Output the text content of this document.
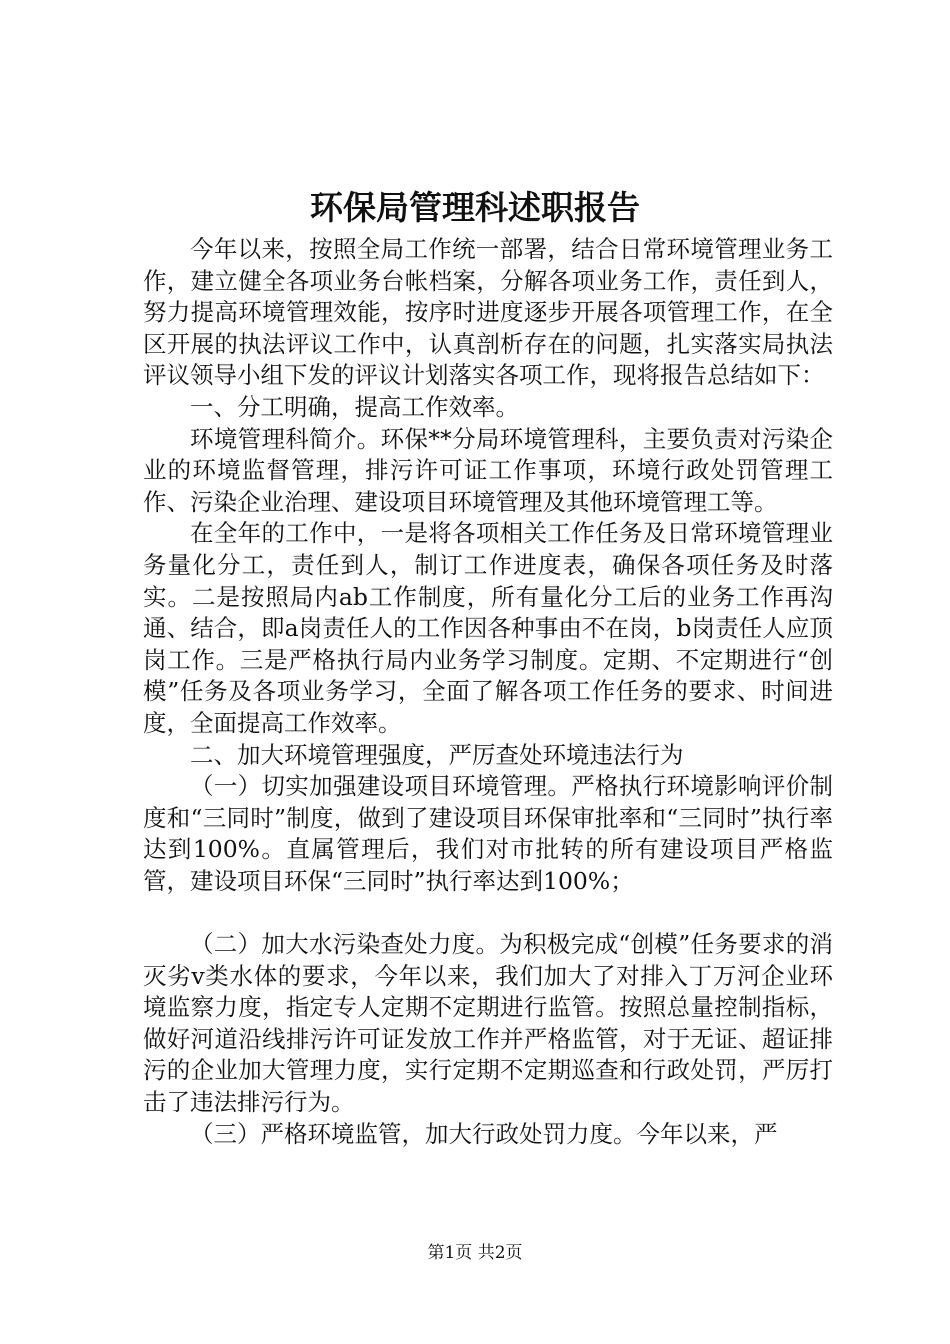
环保局管理科述职报告

今年以来，按照全局工作统一部署，结合日常环境管理业务工作，建立健全各项业务台帐档案，分解各项业务工作，责任到人，努力提高环境管理效能，按序时进度逐步开展各项管理工作，在全区开展的执法评议工作中，认真剖析存在的问题，扎实落实局执法评议领导小组下发的评议计划落实各项工作，现将报告总结如下：

一、分工明确，提高工作效率。

环境管理科简介。环保**分局环境管理科，主要负责对污染企业的环境监督管理，排污许可证工作事项，环境行政处罚管理工作、污染企业治理、建设项目环境管理及其他环境管理工等。

在全年的工作中，一是将各项相关工作任务及日常环境管理业务量化分工，责任到人，制订工作进度表，确保各项任务及时落实。二是按照局内ab工作制度，所有量化分工后的业务工作再沟通、结合，即a岗责任人的工作因各种事由不在岗，b岗责任人应顶岗工作。三是严格执行局内业务学习制度。定期、不定期进行“创模”任务及各项业务学习，全面了解各项工作任务的要求、时间进度，全面提高工作效率。

二、加大环境管理强度，严厉查处环境违法行为

（一）切实加强建设项目环境管理。严格执行环境影响评价制度和“三同时”制度，做到了建设项目环保审批率和“三同时”执行率达到100%。直属管理后，我们对市批转的所有建设项目严格监管，建设项目环保“三同时”执行率达到100%；

（二）加大水污染查处力度。为积极完成“创模”任务要求的消灭劣v类水体的要求，今年以来，我们加大了对排入丁万河企业环境监察力度，指定专人定期不定期进行监管。按照总量控制指标，做好河道沿线排污许可证发放工作并严格监管，对于无证、超证排污的企业加大管理力度，实行定期不定期巡查和行政处罚，严厉打击了违法排污行为。

（三）严格环境监管，加大行政处罚力度。今年以来，严

第1页 共2页
